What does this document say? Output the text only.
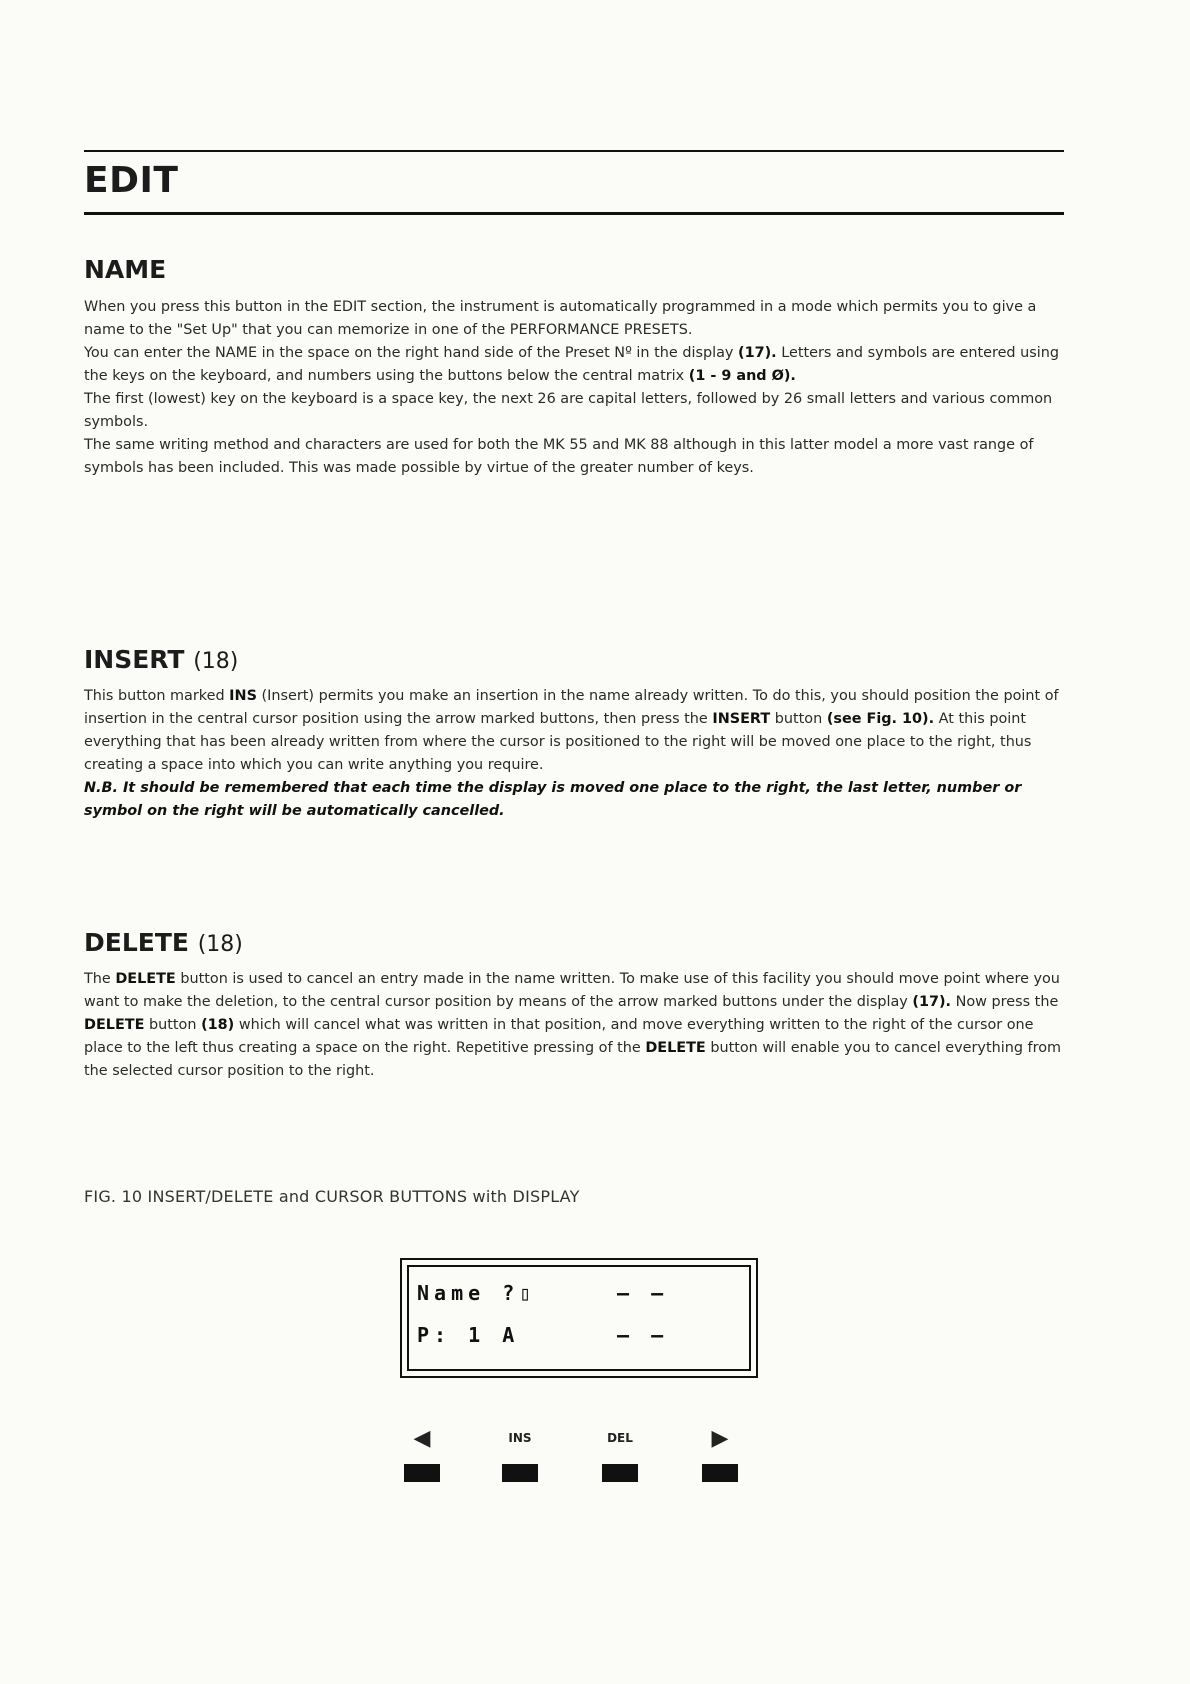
EDIT
NAME

When you press this button in the EDIT section, the instrument is automatically programmed in a mode which permits you to give a name to the "Set Up" that you can memorize in one of the PERFORMANCE PRESETS.

You can enter the NAME in the space on the right hand side of the Preset Nº in the display (17). Letters and symbols are entered using the keys on the keyboard, and numbers using the buttons below the central matrix (1 - 9 and Ø).

The first (lowest) key on the keyboard is a space key, the next 26 are capital letters, followed by 26 small letters and various common symbols.

The same writing method and characters are used for both the MK 55 and MK 88 although in this latter model a more vast range of symbols has been included. This was made possible by virtue of the greater number of keys.

INSERT (18)

This button marked INS (Insert) permits you make an insertion in the name already written. To do this, you should position the point of insertion in the central cursor position using the arrow marked buttons, then press the INSERT button (see Fig. 10). At this point everything that has been already written from where the cursor is positioned to the right will be moved one place to the right, thus creating a space into which you can write anything you require.

N.B. It should be remembered that each time the display is moved one place to the right, the last letter, number or symbol on the right will be automatically cancelled.

DELETE (18)

The DELETE button is used to cancel an entry made in the name written. To make use of this facility you should move point where you want to make the deletion, to the central cursor position by means of the arrow marked buttons under the display (17). Now press the DELETE button (18) which will cancel what was written in that position, and move everything written to the right of the cursor one place to the left thus creating a space on the right. Repetitive pressing of the DELETE button will enable you to cancel everything from the selected cursor position to the right.

FIG. 10 INSERT/DELETE and CURSOR BUTTONS with DISPLAY
Name ?▯	– –
P: 1 A	– –
◀	INS	DEL	▶
